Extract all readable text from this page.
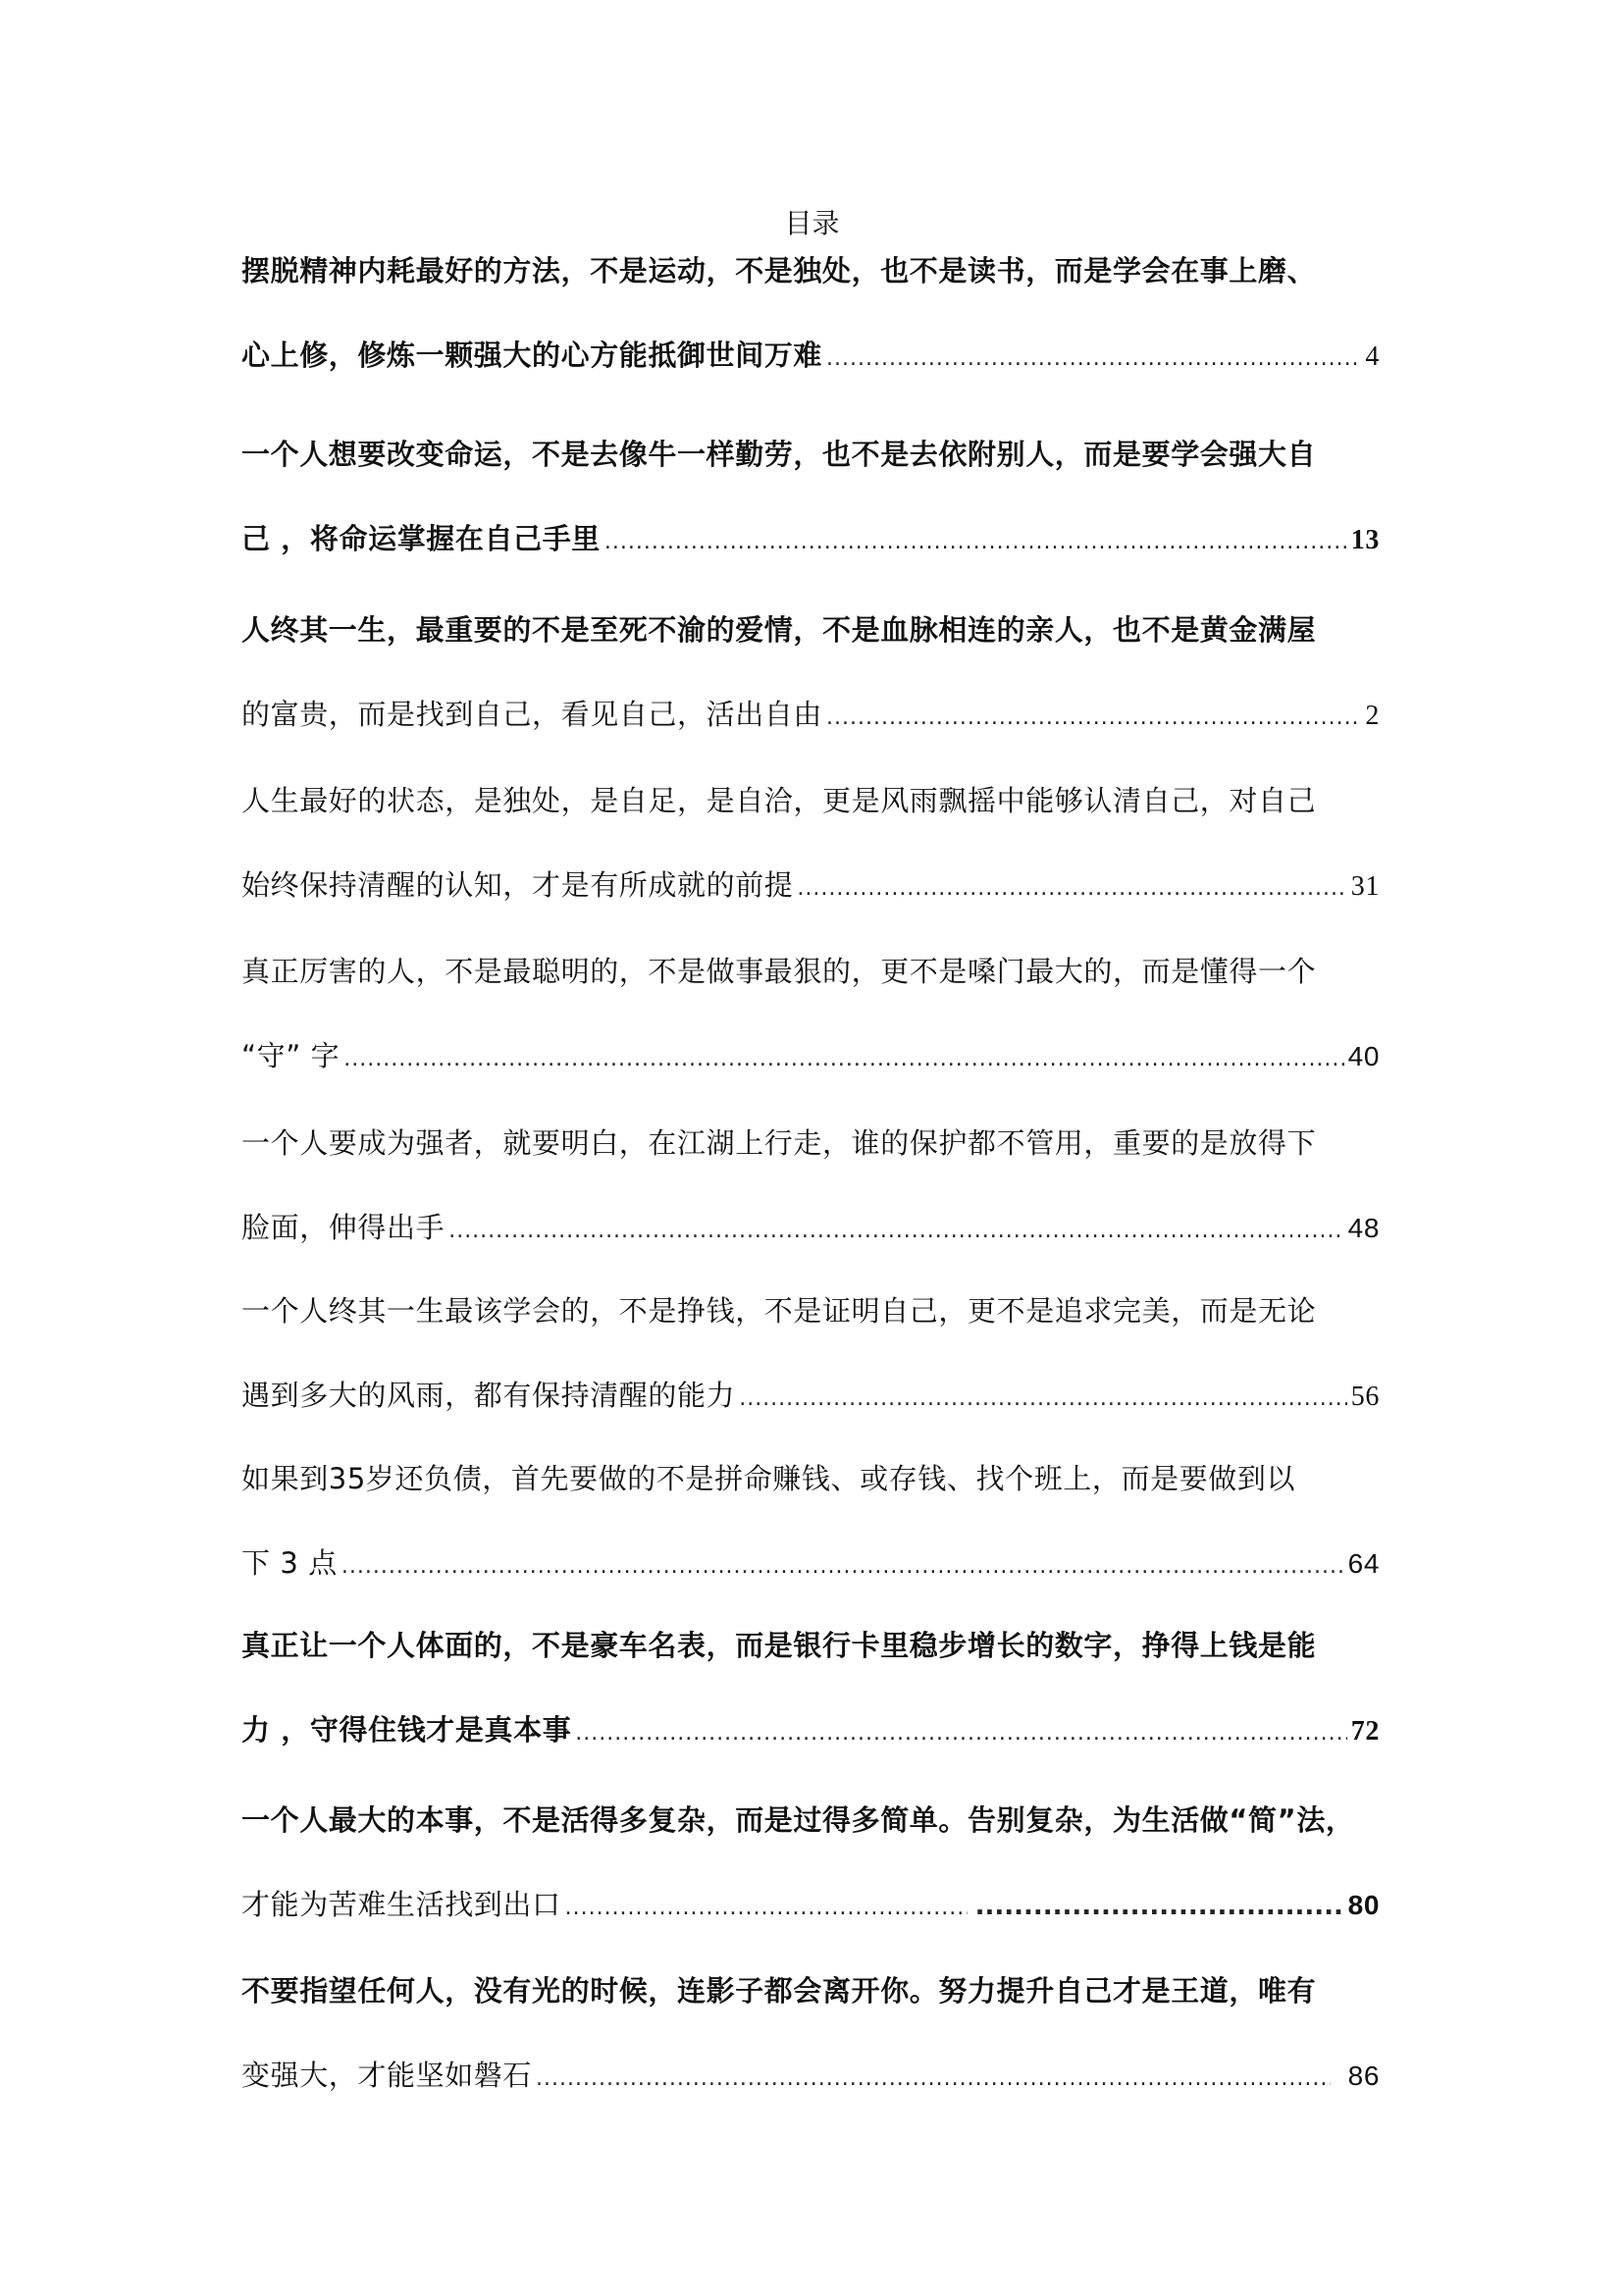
目录
摆脱精神内耗最好的方法，不是运动，不是独处，也不是读书，而是学会在事上磨、
心上修，修炼一颗强大的心方能抵御世间万难 .....	4
一个人想要改变命运，不是去像牛一样勤劳，也不是去依附别人，而是要学会强大自
己 ，将命运掌握在自己手里 .....	13
人终其一生，最重要的不是至死不渝的爱情，不是血脉相连的亲人，也不是黄金满屋
的富贵，而是找到自己，看见自己，活出自由 .....	2
人生最好的状态，是独处，是自足，是自洽，更是风雨飘摇中能够认清自己，对自己
始终保持清醒的认知，才是有所成就的前提 .....	31
真正厉害的人，不是最聪明的，不是做事最狠的，更不是嗓门最大的，而是懂得一个
“守” 字 .....	40
一个人要成为强者，就要明白，在江湖上行走，谁的保护都不管用，重要的是放得下
脸面，伸得出手 .....	48
一个人终其一生最该学会的，不是挣钱，不是证明自己，更不是追求完美，而是无论
遇到多大的风雨，都有保持清醒的能力 .....	56
如果到35岁还负债，首先要做的不是拼命赚钱、或存钱、找个班上，而是要做到以
下 3 点 .....	64
真正让一个人体面的，不是豪车名表，而是银行卡里稳步增长的数字，挣得上钱是能
力 ，守得住钱才是真本事 .....	72
一个人最大的本事，不是活得多复杂，而是过得多简单。告别复杂，为生活做“简”法，
才能为苦难生活找到出口 ..... .....	80
不要指望任何人，没有光的时候，连影子都会离开你。努力提升自己才是王道，唯有
变强大，才能坚如磐石 .....	86
